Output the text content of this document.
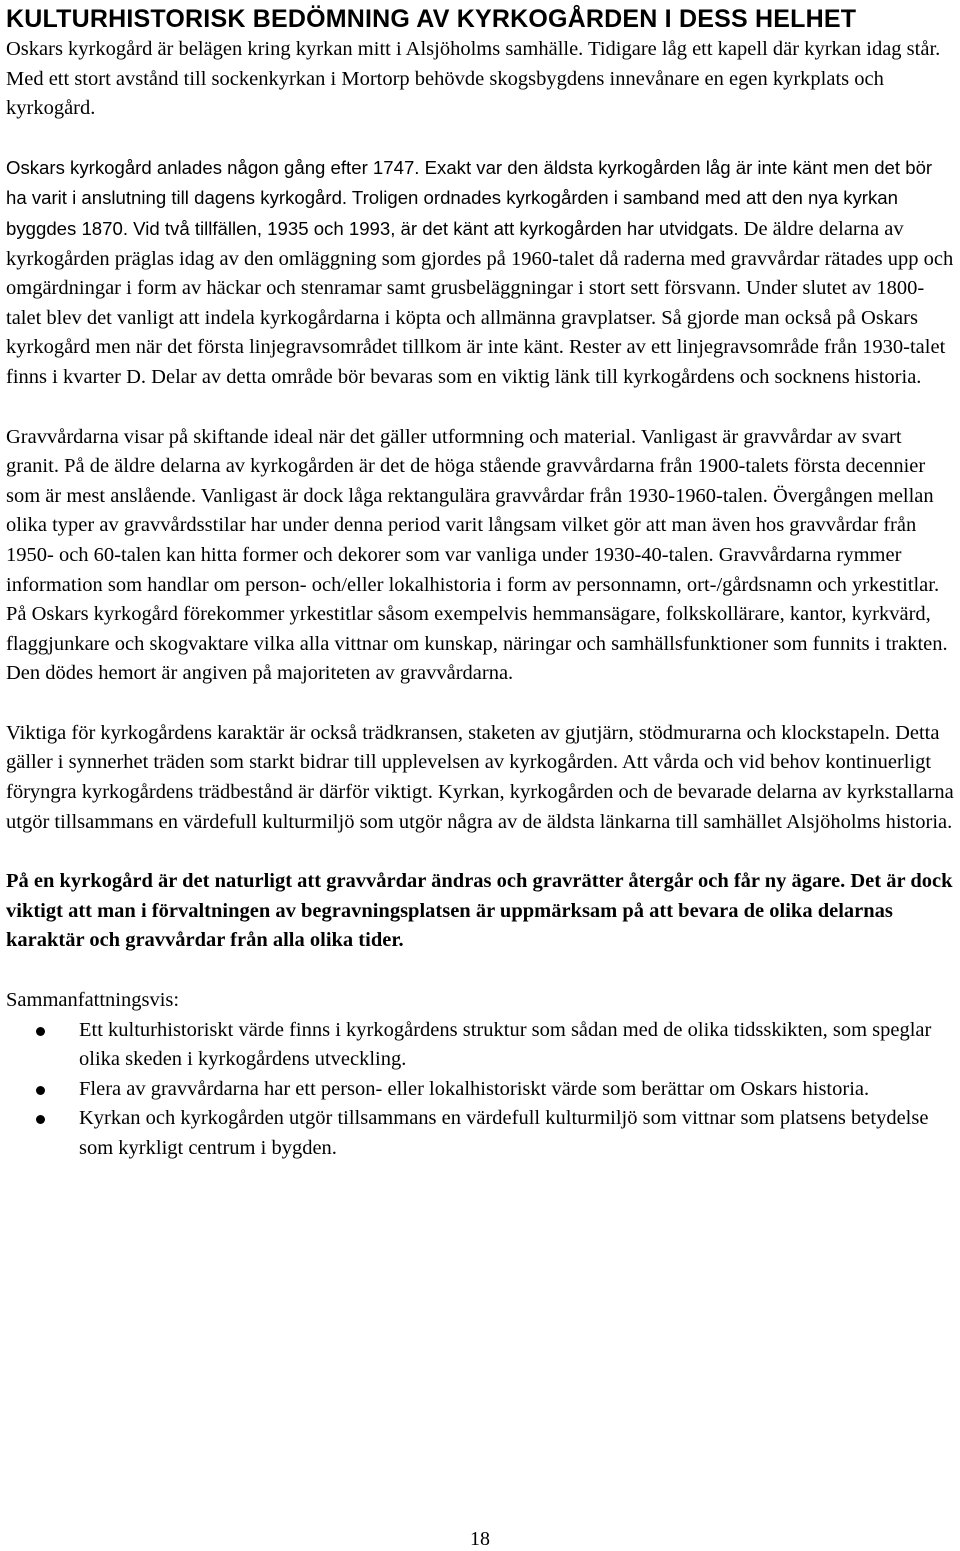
KULTURHISTORISK BEDÖMNING AV KYRKOGÅRDEN I DESS HELHET

Oskars kyrkogård är belägen kring kyrkan mitt i Alsjöholms samhälle. Tidigare låg ett kapell där kyrkan idag står. Med ett stort avstånd till sockenkyrkan i Mortorp behövde skogsbygdens innevånare en egen kyrkplats och kyrkogård.

Oskars kyrkogård anlades någon gång efter 1747. Exakt var den äldsta kyrkogården låg är inte känt men det bör ha varit i anslutning till dagens kyrkogård. Troligen ordnades kyrkogården i samband med att den nya kyrkan byggdes 1870. Vid två tillfällen, 1935 och 1993, är det känt att kyrkogården har utvidgats. De äldre delarna av kyrkogården präglas idag av den omläggning som gjordes på 1960-talet då raderna med gravvårdar rätades upp och omgärdningar i form av häckar och stenramar samt grusbeläggningar i stort sett försvann. Under slutet av 1800-talet blev det vanligt att indela kyrkogårdarna i köpta och allmänna gravplatser. Så gjorde man också på Oskars kyrkogård men när det första linjegravsområdet tillkom är inte känt. Rester av ett linjegravsområde från 1930-talet finns i kvarter D. Delar av detta område bör bevaras som en viktig länk till kyrkogårdens och socknens historia.

Gravvårdarna visar på skiftande ideal när det gäller utformning och material. Vanligast är gravvårdar av svart granit. På de äldre delarna av kyrkogården är det de höga stående gravvårdarna från 1900-talets första decennier som är mest anslående. Vanligast är dock låga rektangulära gravvårdar från 1930-1960-talen. Övergången mellan olika typer av gravvårdsstilar har under denna period varit långsam vilket gör att man även hos gravvårdar från 1950- och 60-talen kan hitta former och dekorer som var vanliga under 1930-40-talen. Gravvårdarna rymmer information som handlar om person- och/eller lokalhistoria i form av personnamn, ort-/gårdsnamn och yrkestitlar. På Oskars kyrkogård förekommer yrkestitlar såsom exempelvis hemmansägare, folkskollärare, kantor, kyrkvärd, flaggjunkare och skogvaktare vilka alla vittnar om kunskap, näringar och samhällsfunktioner som funnits i trakten. Den dödes hemort är angiven på majoriteten av gravvårdarna.

Viktiga för kyrkogårdens karaktär är också trädkransen, staketen av gjutjärn, stödmurarna och klockstapeln. Detta gäller i synnerhet träden som starkt bidrar till upplevelsen av kyrkogården. Att vårda och vid behov kontinuerligt föryngra kyrkogårdens trädbestånd är därför viktigt. Kyrkan, kyrkogården och de bevarade delarna av kyrkstallarna utgör tillsammans en värdefull kulturmiljö som utgör några av de äldsta länkarna till samhället Alsjöholms historia.

På en kyrkogård är det naturligt att gravvårdar ändras och gravrätter återgår och får ny ägare. Det är dock viktigt att man i förvaltningen av begravningsplatsen är uppmärksam på att bevara de olika delarnas karaktär och gravvårdar från alla olika tider.

Sammanfattningsvis:

Ett kulturhistoriskt värde finns i kyrkogårdens struktur som sådan med de olika tidsskikten, som speglar olika skeden i kyrkogårdens utveckling.
Flera av gravvårdarna har ett person- eller lokalhistoriskt värde som berättar om Oskars historia.
Kyrkan och kyrkogården utgör tillsammans en värdefull kulturmiljö som vittnar som platsens betydelse som kyrkligt centrum i bygden.
18
